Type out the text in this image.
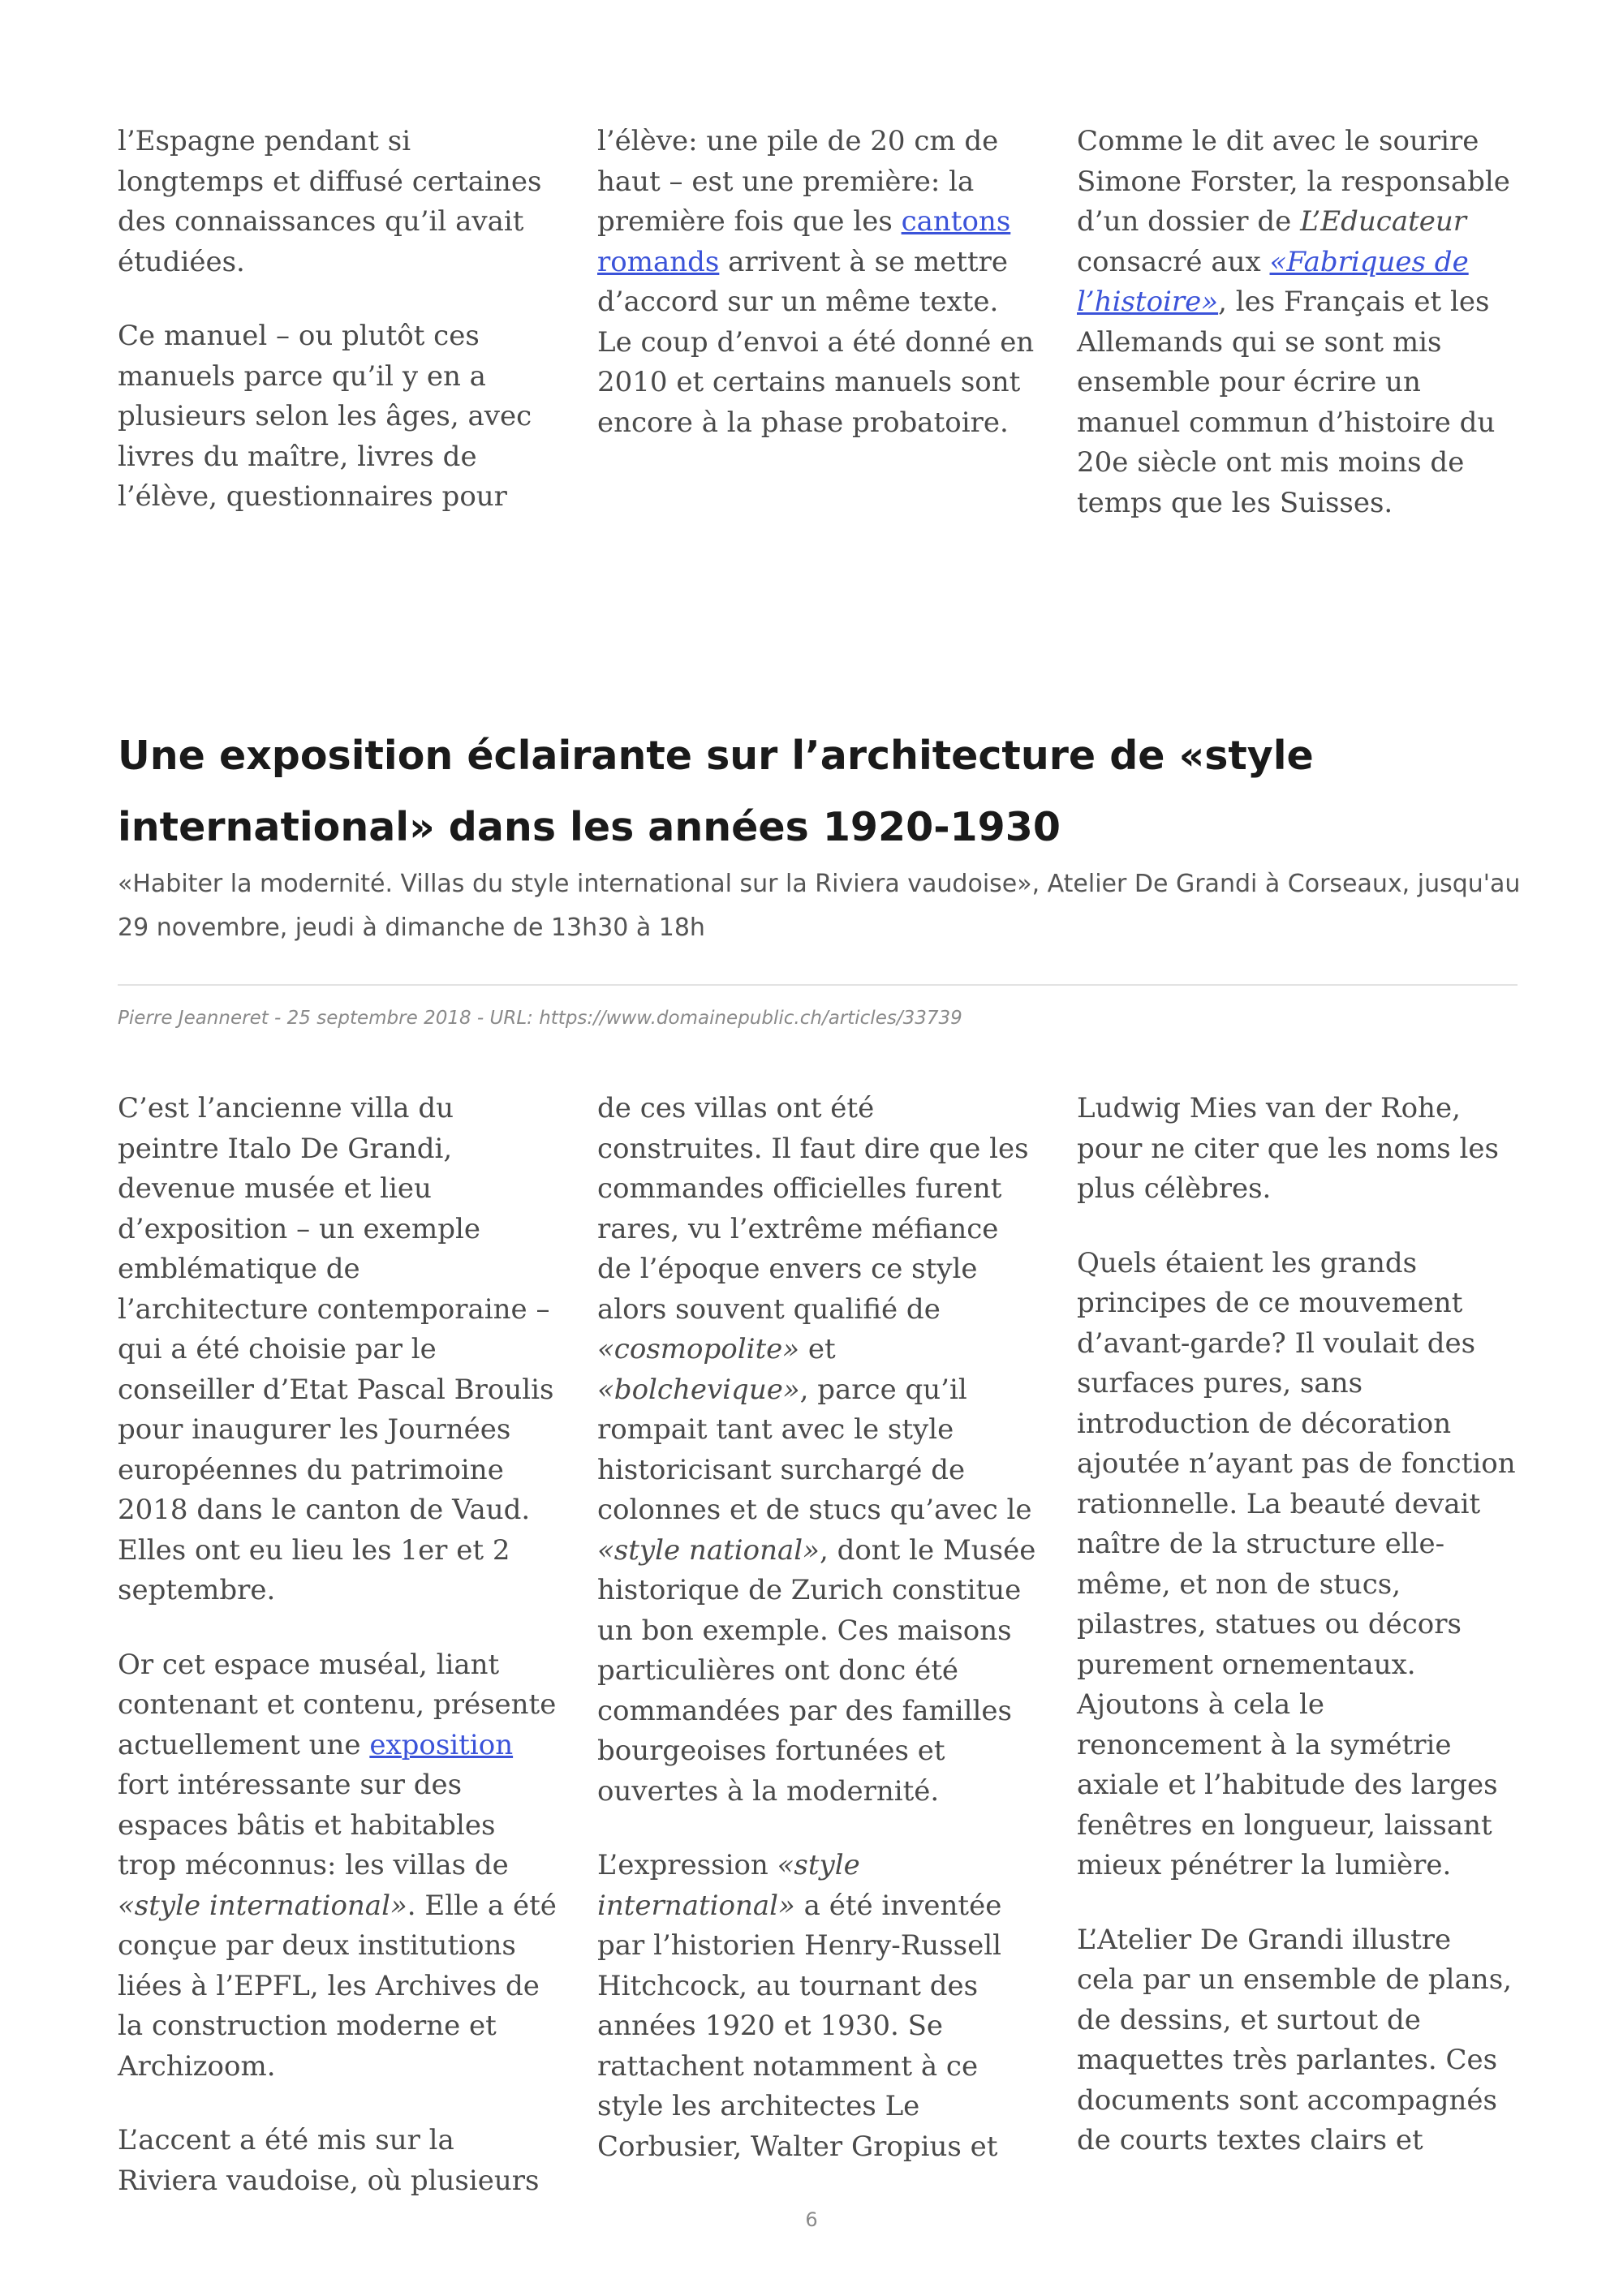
l’Espagne pendant si longtemps et diffusé certaines des connaissances qu’il avait étudiées.

Ce manuel – ou plutôt ces manuels parce qu’il y en a plusieurs selon les âges, avec livres du maître, livres de l’élève, questionnaires pour

l’élève: une pile de 20 cm de haut – est une première: la première fois que les cantons romands arrivent à se mettre d’accord sur un même texte. Le coup d’envoi a été donné en 2010 et certains manuels sont encore à la phase probatoire.

Comme le dit avec le sourire Simone Forster, la responsable d’un dossier de L’Educateur consacré aux «Fabriques de l’histoire», les Français et les Allemands qui se sont mis ensemble pour écrire un manuel commun d’histoire du 20e siècle ont mis moins de temps que les Suisses.

Une exposition éclairante sur l’architecture de «style international» dans les années 1920-1930

«Habiter la modernité. Villas du style international sur la Riviera vaudoise», Atelier De Grandi à Corseaux, jusqu'au 29 novembre, jeudi à dimanche de 13h30 à 18h

Pierre Jeanneret - 25 septembre 2018 - URL: https://www.domainepublic.ch/articles/33739

C’est l’ancienne villa du peintre Italo De Grandi, devenue musée et lieu d’exposition – un exemple emblématique de l’architecture contemporaine – qui a été choisie par le conseiller d’Etat Pascal Broulis pour inaugurer les Journées européennes du patrimoine 2018 dans le canton de Vaud. Elles ont eu lieu les 1er et 2 septembre.

Or cet espace muséal, liant contenant et contenu, présente actuellement une exposition fort intéressante sur des espaces bâtis et habitables trop méconnus: les villas de «style international». Elle a été conçue par deux institutions liées à l’EPFL, les Archives de la construction moderne et Archizoom.

L’accent a été mis sur la Riviera vaudoise, où plusieurs

de ces villas ont été construites. Il faut dire que les commandes officielles furent rares, vu l’extrême méfiance de l’époque envers ce style alors souvent qualifié de «cosmopolite» et «bolchevique», parce qu’il rompait tant avec le style historicisant surchargé de colonnes et de stucs qu’avec le «style national», dont le Musée historique de Zurich constitue un bon exemple. Ces maisons particulières ont donc été commandées par des familles bourgeoises fortunées et ouvertes à la modernité.

L’expression «style international» a été inventée par l’historien Henry-Russell Hitchcock, au tournant des années 1920 et 1930. Se rattachent notamment à ce style les architectes Le Corbusier, Walter Gropius et

Ludwig Mies van der Rohe, pour ne citer que les noms les plus célèbres.

Quels étaient les grands principes de ce mouvement d’avant-garde? Il voulait des surfaces pures, sans introduction de décoration ajoutée n’ayant pas de fonction rationnelle. La beauté devait naître de la structure elle-même, et non de stucs, pilastres, statues ou décors purement ornementaux. Ajoutons à cela le renoncement à la symétrie axiale et l’habitude des larges fenêtres en longueur, laissant mieux pénétrer la lumière.

L’Atelier De Grandi illustre cela par un ensemble de plans, de dessins, et surtout de maquettes très parlantes. Ces documents sont accompagnés de courts textes clairs et

6
